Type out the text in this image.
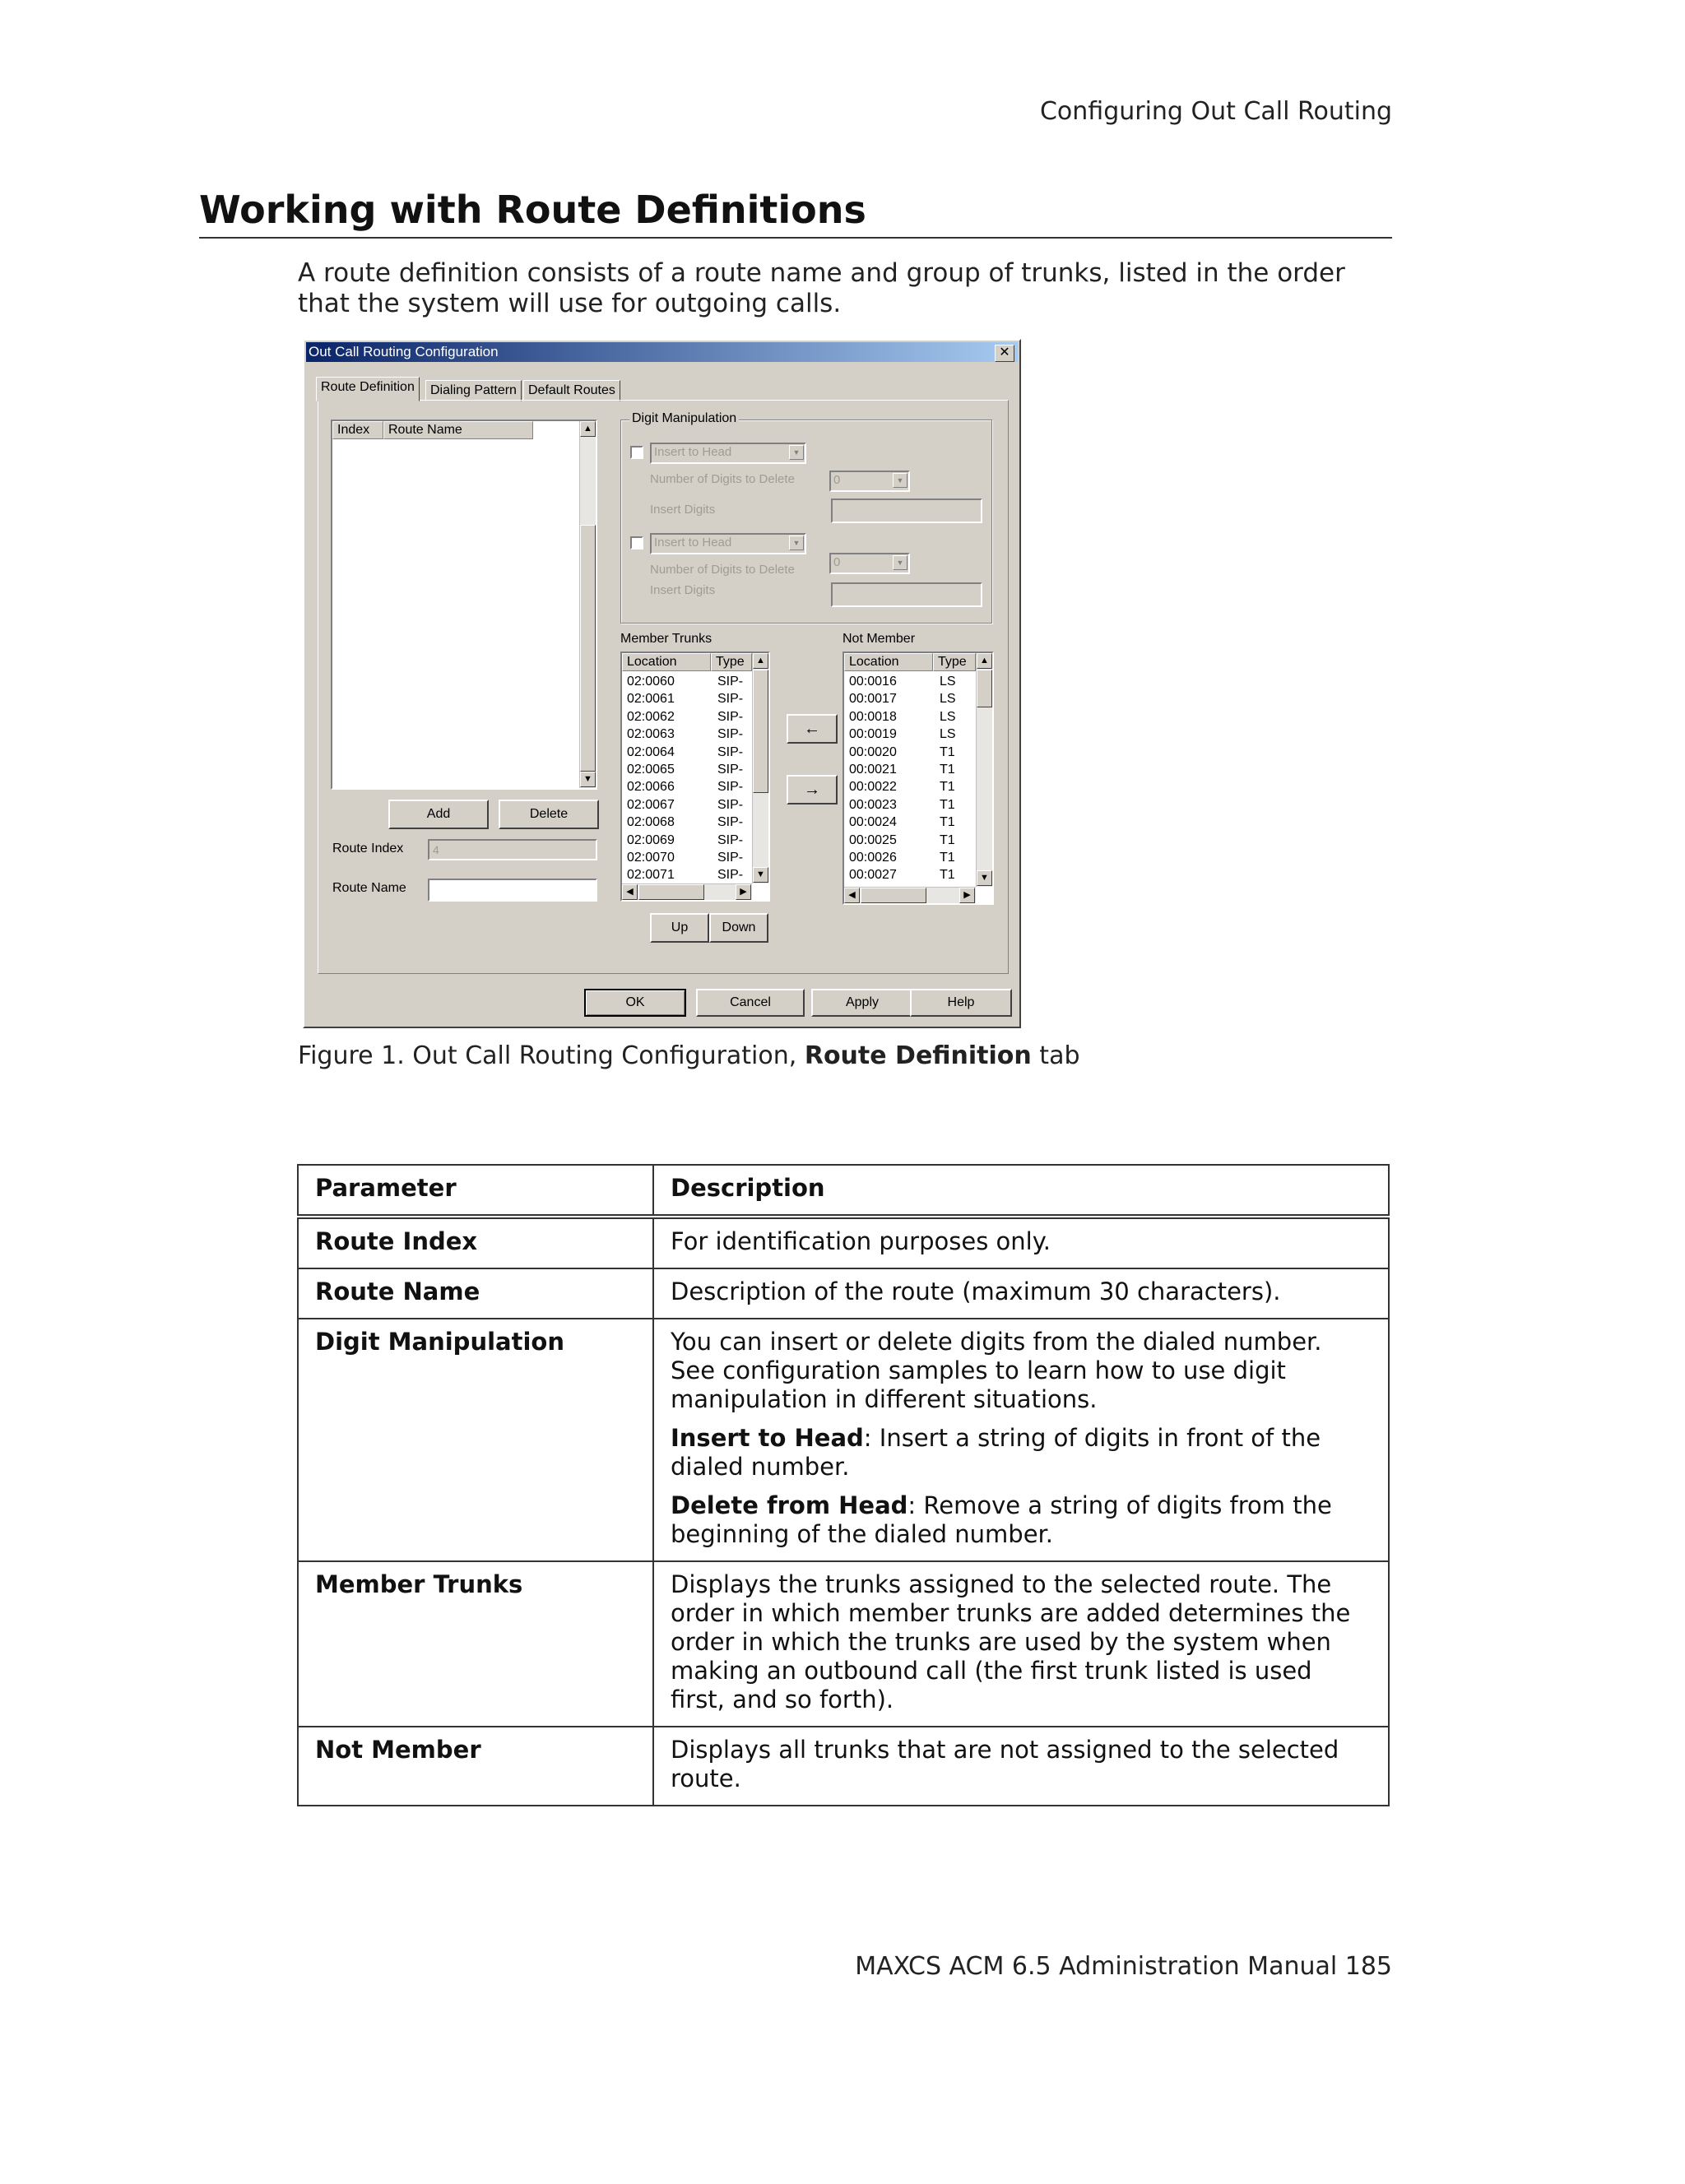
Configuring Out Call Routing
Working with Route Definitions
A route definition consists of a route name and group of trunks, listed in the order that the system will use for outgoing calls.
Out Call Routing Configuration	✕
Route Definition	Dialing Pattern Default Routes
Index	Route Name	▲
▼
Add	Delete
Route Index	4
Route Name
Digit Manipulation
Insert to Head	▼
Number of Digits to Delete	0	▼
Insert Digits
Insert to Head	▼
Number of Digits to Delete
0	▼
Insert Digits
Member Trunks
Location	Type
02:0060	SIP-
02:0061	SIP-
02:0062	SIP-
02:0063	SIP-
02:0064	SIP-
02:0065	SIP-
02:0066	SIP-
02:0067	SIP-
02:0068	SIP-
02:0069	SIP-
02:0070	SIP-
02:0071	SIP-
▲
▼
◀	▶
←
→
Not Member
Location	Type
00:0016	LS
00:0017	LS
00:0018	LS
00:0019	LS
00:0020	T1
00:0021	T1
00:0022	T1
00:0023	T1
00:0024	T1
00:0025	T1
00:0026	T1
00:0027	T1
▲
▼
◀	▶
Up	Down
OK	Cancel	Apply	Help
Figure 1. Out Call Routing Configuration, Route Definition tab
Parameter	Description
Route Index	For identification purposes only.

Route Name	Description of the route (maximum 30 characters).

Digit Manipulation	You can insert or delete digits from the dialed number. See configuration samples to learn how to use digit manipulation in different situations.

Insert to Head: Insert a string of digits in front of the dialed number.

Delete from Head: Remove a string of digits from the beginning of the dialed number.

Member Trunks	Displays the trunks assigned to the selected route. The order in which member trunks are added determines the order in which the trunks are used by the system when making an outbound call (the first trunk listed is used first, and so forth).

Not Member	Displays all trunks that are not assigned to the selected route.

MAXCS ACM 6.5 Administration Manual 185
